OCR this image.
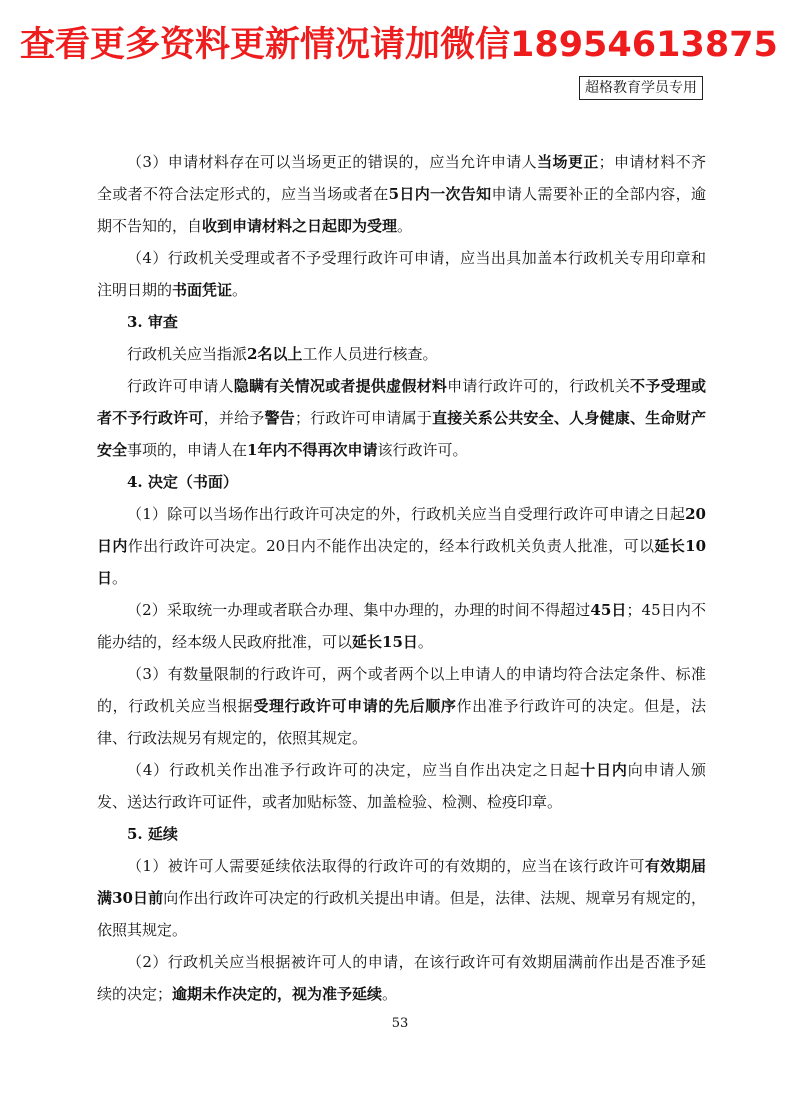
查看更多资料更新情况请加微信18954613875
超格教育学员专用

（3）申请材料存在可以当场更正的错误的，应当允许申请人当场更正；申请材料不齐全或者不符合法定形式的，应当当场或者在5日内一次告知申请人需要补正的全部内容，逾期不告知的，自收到申请材料之日起即为受理。

（4）行政机关受理或者不予受理行政许可申请，应当出具加盖本行政机关专用印章和注明日期的书面凭证。

3. 审查

行政机关应当指派2名以上工作人员进行核查。

行政许可申请人隐瞒有关情况或者提供虚假材料申请行政许可的，行政机关不予受理或者不予行政许可，并给予警告；行政许可申请属于直接关系公共安全、人身健康、生命财产安全事项的，申请人在1年内不得再次申请该行政许可。

4. 决定（书面）

（1）除可以当场作出行政许可决定的外，行政机关应当自受理行政许可申请之日起20日内作出行政许可决定。20日内不能作出决定的，经本行政机关负责人批准，可以延长10日。

（2）采取统一办理或者联合办理、集中办理的，办理的时间不得超过45日；45日内不能办结的，经本级人民政府批准，可以延长15日。

（3）有数量限制的行政许可，两个或者两个以上申请人的申请均符合法定条件、标准的，行政机关应当根据受理行政许可申请的先后顺序作出准予行政许可的决定。但是，法律、行政法规另有规定的，依照其规定。

（4）行政机关作出准予行政许可的决定，应当自作出决定之日起十日内向申请人颁发、送达行政许可证件，或者加贴标签、加盖检验、检测、检疫印章。

5. 延续

（1）被许可人需要延续依法取得的行政许可的有效期的，应当在该行政许可有效期届满30日前向作出行政许可决定的行政机关提出申请。但是，法律、法规、规章另有规定的，依照其规定。

（2）行政机关应当根据被许可人的申请，在该行政许可有效期届满前作出是否准予延续的决定；逾期未作决定的，视为准予延续。

53
